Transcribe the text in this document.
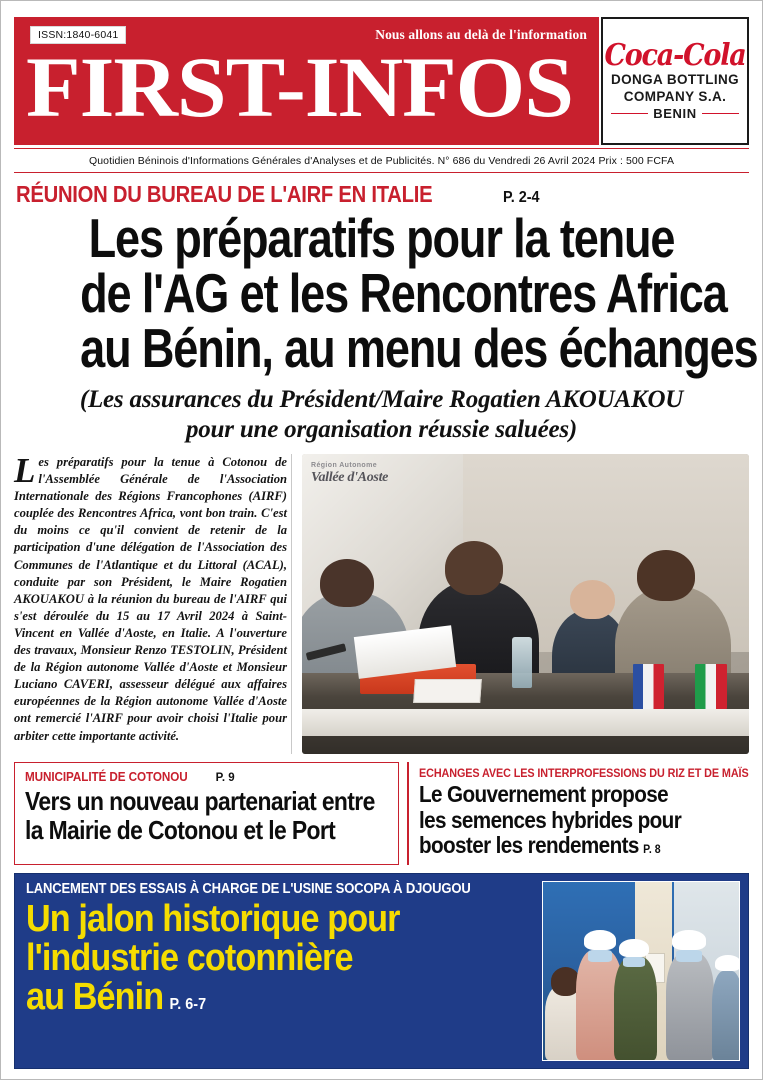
ISSN:1840-6041	Nous allons au delà de l'information
FIRST-INFOS Coca-Cola
DONGA BOTTLING
COMPANY S.A.
BENIN
Quotidien Béninois d'Informations Générales d'Analyses et de Publicités. N° 686 du Vendredi 26 Avril 2024 Prix : 500 FCFA
RÉUNION DU BUREAU DE L'AIRF EN ITALIE	P. 2-4
Les préparatifs pour la tenue
de l'AG et les Rencontres Africa
au Bénin, au menu des échanges
(Les assurances du Président/Maire Rogatien AKOUAKOU
pour une organisation réussie saluées)
Les préparatifs pour la tenue à Cotonou de l'Assemblée Générale de l'Association Internationale des Régions Francophones (AIRF) couplée des Rencontres Africa, vont bon train. C'est du moins ce qu'il convient de retenir de la participation d'une délégation de l'Association des Communes de l'Atlantique et du Littoral (ACAL), conduite par son Président, le Maire Rogatien AKOUAKOU à la réunion du bureau de l'AIRF qui s'est déroulée du 15 au 17 Avril 2024 à Saint-Vincent en Vallée d'Aoste, en Italie. A l'ouverture des travaux, Monsieur Renzo TESTOLIN, Président de la Région autonome Vallée d'Aoste et Monsieur Luciano CAVERI, assesseur délégué aux affaires européennes de la Région autonome Vallée d'Aoste ont remercié l'AIRF pour avoir choisi l'Italie pour arbiter cette importante activité.
Région Autonome
Vallée d'Aoste
MUNICIPALITÉ DE COTONOU P. 9
Vers un nouveau partenariat entre
la Mairie de Cotonou et le Port
ECHANGES AVEC LES INTERPROFESSIONS DU RIZ ET DE MAÏS
Le Gouvernement propose
les semences hybrides pour
booster les rendements P. 8
LANCEMENT DES ESSAIS À CHARGE DE L'USINE SOCOPA À DJOUGOU
Un jalon historique pour
l'industrie cotonnière
au Bénin P. 6-7
